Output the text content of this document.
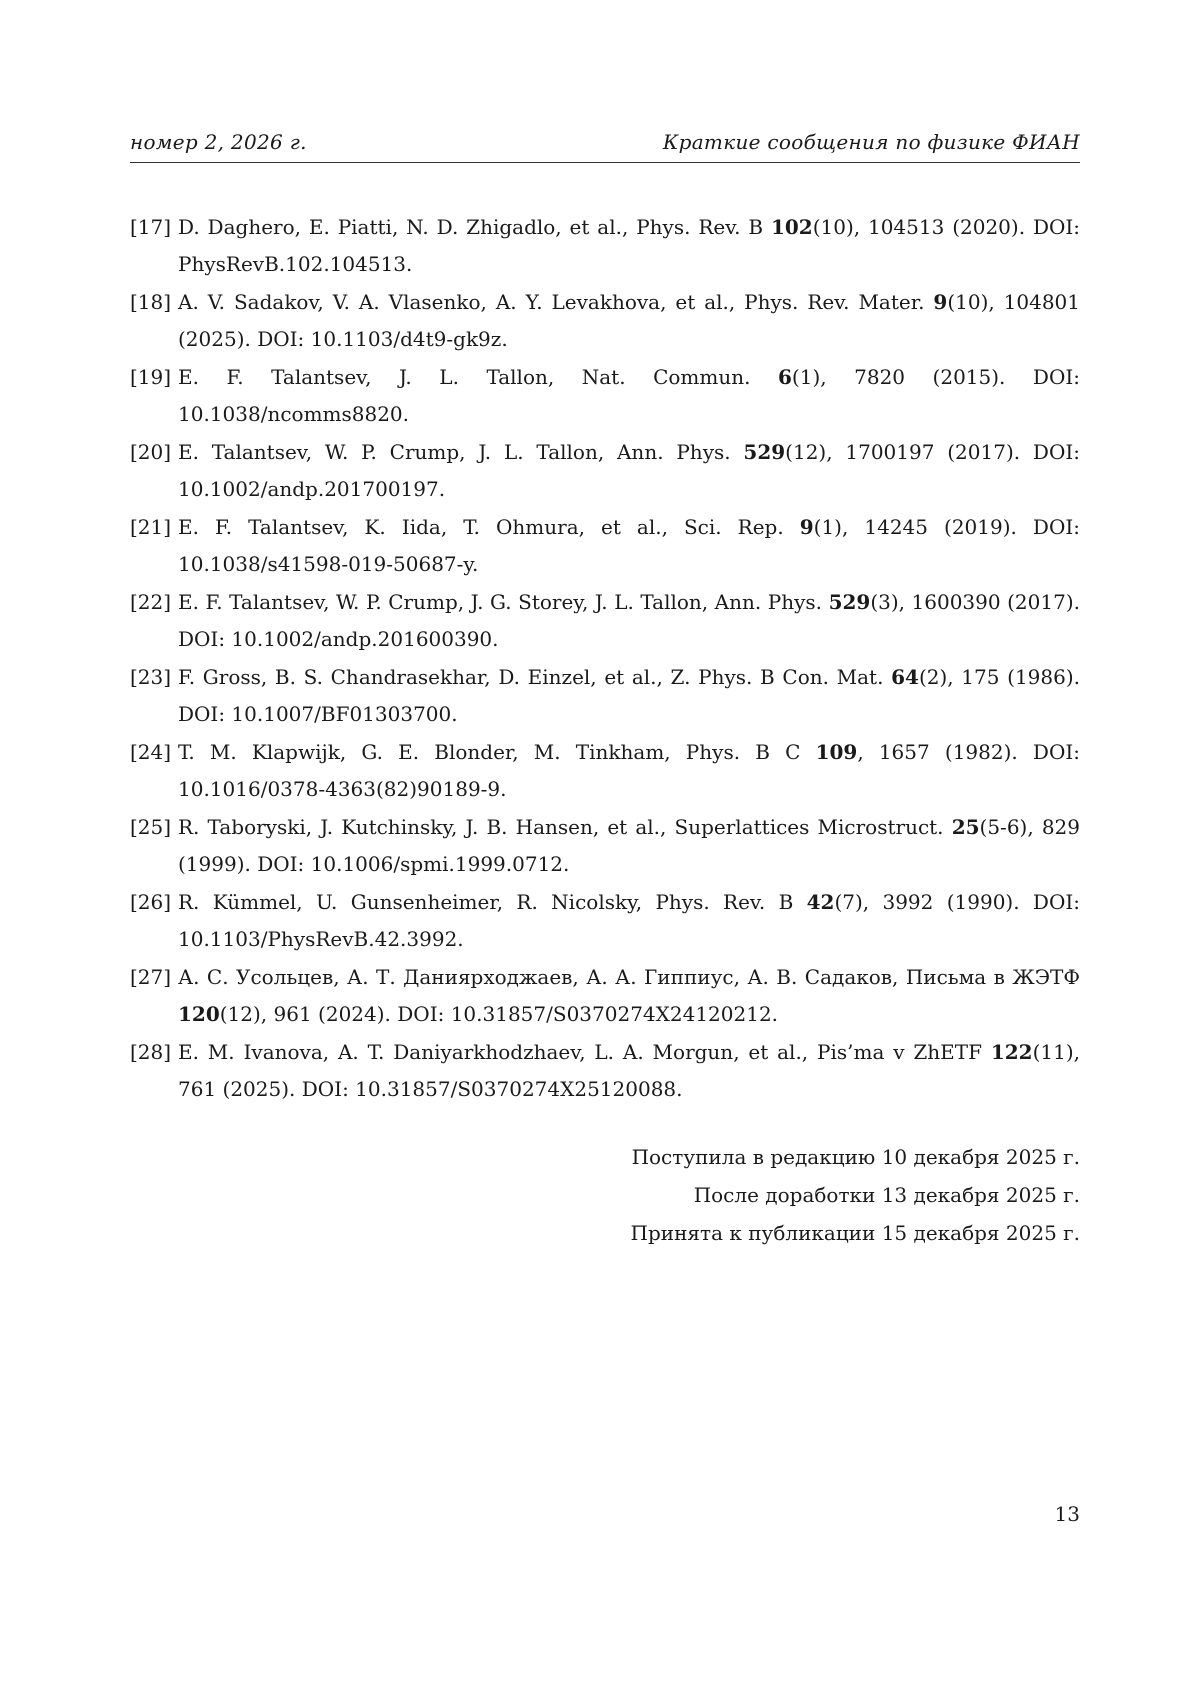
номер 2, 2026 г.	Краткие сообщения по физике ФИАН
[17] D. Daghero, E. Piatti, N. D. Zhigadlo, et al., Phys. Rev. B 102(10), 104513 (2020). DOI: PhysRevB.102.104513.
[18] A. V. Sadakov, V. A. Vlasenko, A. Y. Levakhova, et al., Phys. Rev. Mater. 9(10), 104801 (2025). DOI: 10.1103/d4t9-gk9z.
[19] E. F. Talantsev, J. L. Tallon, Nat. Commun. 6(1), 7820 (2015). DOI: 10.1038/ncomms8820.
[20] E. Talantsev, W. P. Crump, J. L. Tallon, Ann. Phys. 529(12), 1700197 (2017). DOI: 10.1002/andp.201700197.
[21] E. F. Talantsev, K. Iida, T. Ohmura, et al., Sci. Rep. 9(1), 14245 (2019). DOI: 10.1038/s41598-019-50687-y.
[22] E. F. Talantsev, W. P. Crump, J. G. Storey, J. L. Tallon, Ann. Phys. 529(3), 1600390 (2017). DOI: 10.1002/andp.201600390.
[23] F. Gross, B. S. Chandrasekhar, D. Einzel, et al., Z. Phys. B Con. Mat. 64(2), 175 (1986). DOI: 10.1007/BF01303700.
[24] T. M. Klapwijk, G. E. Blonder, M. Tinkham, Phys. B C 109, 1657 (1982). DOI: 10.1016/0378-4363(82)90189-9.
[25] R. Taboryski, J. Kutchinsky, J. B. Hansen, et al., Superlattices Microstruct. 25(5-6), 829 (1999). DOI: 10.1006/spmi.1999.0712.
[26] R. Kümmel, U. Gunsenheimer, R. Nicolsky, Phys. Rev. B 42(7), 3992 (1990). DOI: 10.1103/PhysRevB.42.3992.
[27] А. С. Усольцев, А. Т. Даниярходжаев, А. А. Гиппиус, А. В. Садаков, Письма в ЖЭТФ 120(12), 961 (2024). DOI: 10.31857/S0370274X24120212.
[28] E. M. Ivanova, A. T. Daniyarkhodzhaev, L. A. Morgun, et al., Pis’ma v ZhETF 122(11), 761 (2025). DOI: 10.31857/S0370274X25120088.
Поступила в редакцию 10 декабря 2025 г.
После доработки 13 декабря 2025 г.
Принята к публикации 15 декабря 2025 г.
13
